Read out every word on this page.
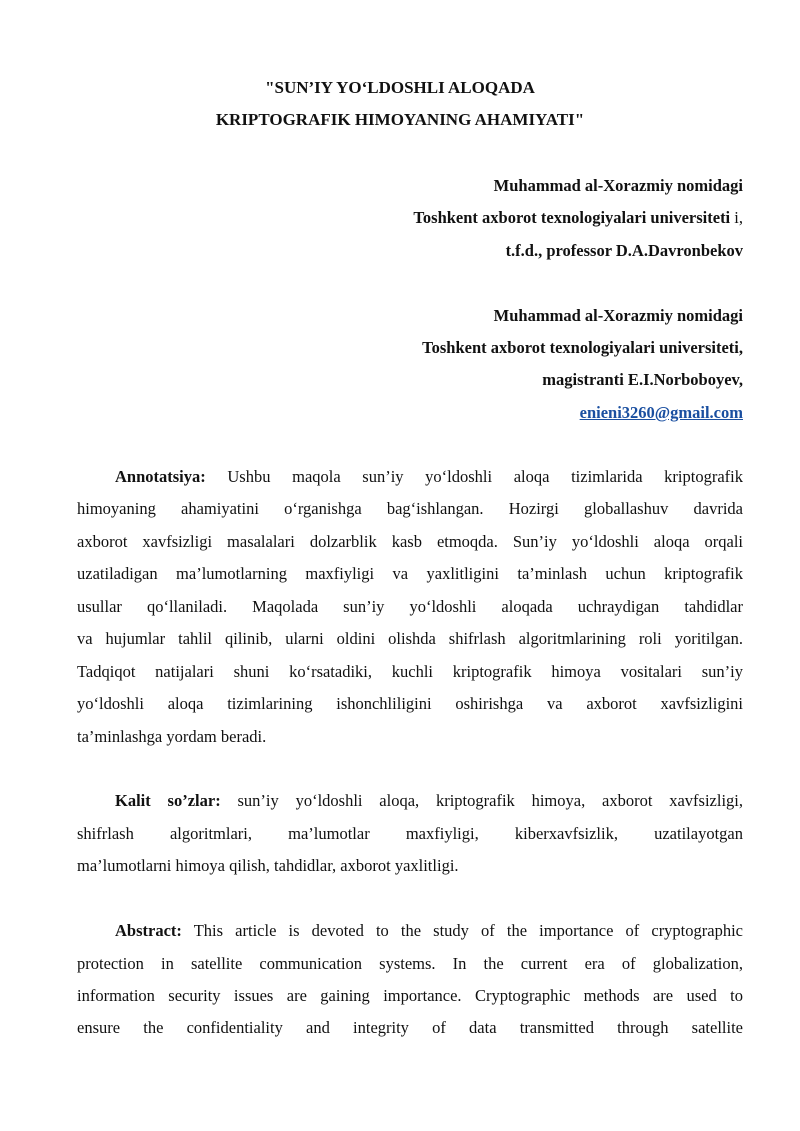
"SUN’IY YO‘LDOSHLI ALOQADA
KRIPTOGRAFIK HIMOYANING AHAMIYATI"
Muhammad al-Xorazmiy nomidagi
Toshkent axborot texnologiyalari universiteti i,
t.f.d., professor D.A.Davronbekov
Muhammad al-Xorazmiy nomidagi
Toshkent axborot texnologiyalari universiteti,
magistranti E.I.Norboboyev,
enieni3260@gmail.com
Annotatsiya: Ushbu maqola sun’iy yo‘ldoshli aloqa tizimlarida kriptografik
himoyaning ahamiyatini o‘rganishga bag‘ishlangan. Hozirgi globallashuv davrida
axborot xavfsizligi masalalari dolzarblik kasb etmoqda. Sun’iy yo‘ldoshli aloqa orqali
uzatiladigan ma’lumotlarning maxfiyligi va yaxlitligini ta’minlash uchun kriptografik
usullar qo‘llaniladi. Maqolada sun’iy yo‘ldoshli aloqada uchraydigan tahdidlar
va hujumlar tahlil qilinib, ularni oldini olishda shifrlash algoritmlarining roli yoritilgan.
Tadqiqot natijalari shuni ko‘rsatadiki, kuchli kriptografik himoya vositalari sun’iy
yo‘ldoshli aloqa tizimlarining ishonchliligini oshirishga va axborot xavfsizligini
ta’minlashga yordam beradi.
Kalit so’zlar: sun’iy yo‘ldoshli aloqa, kriptografik himoya, axborot xavfsizligi,
shifrlash algoritmlari, ma’lumotlar maxfiyligi, kiberxavfsizlik, uzatilayotgan
ma’lumotlarni himoya qilish, tahdidlar, axborot yaxlitligi.
Abstract: This article is devoted to the study of the importance of cryptographic
protection in satellite communication systems. In the current era of globalization,
information security issues are gaining importance. Cryptographic methods are used to
ensure the confidentiality and integrity of data transmitted through satellite
